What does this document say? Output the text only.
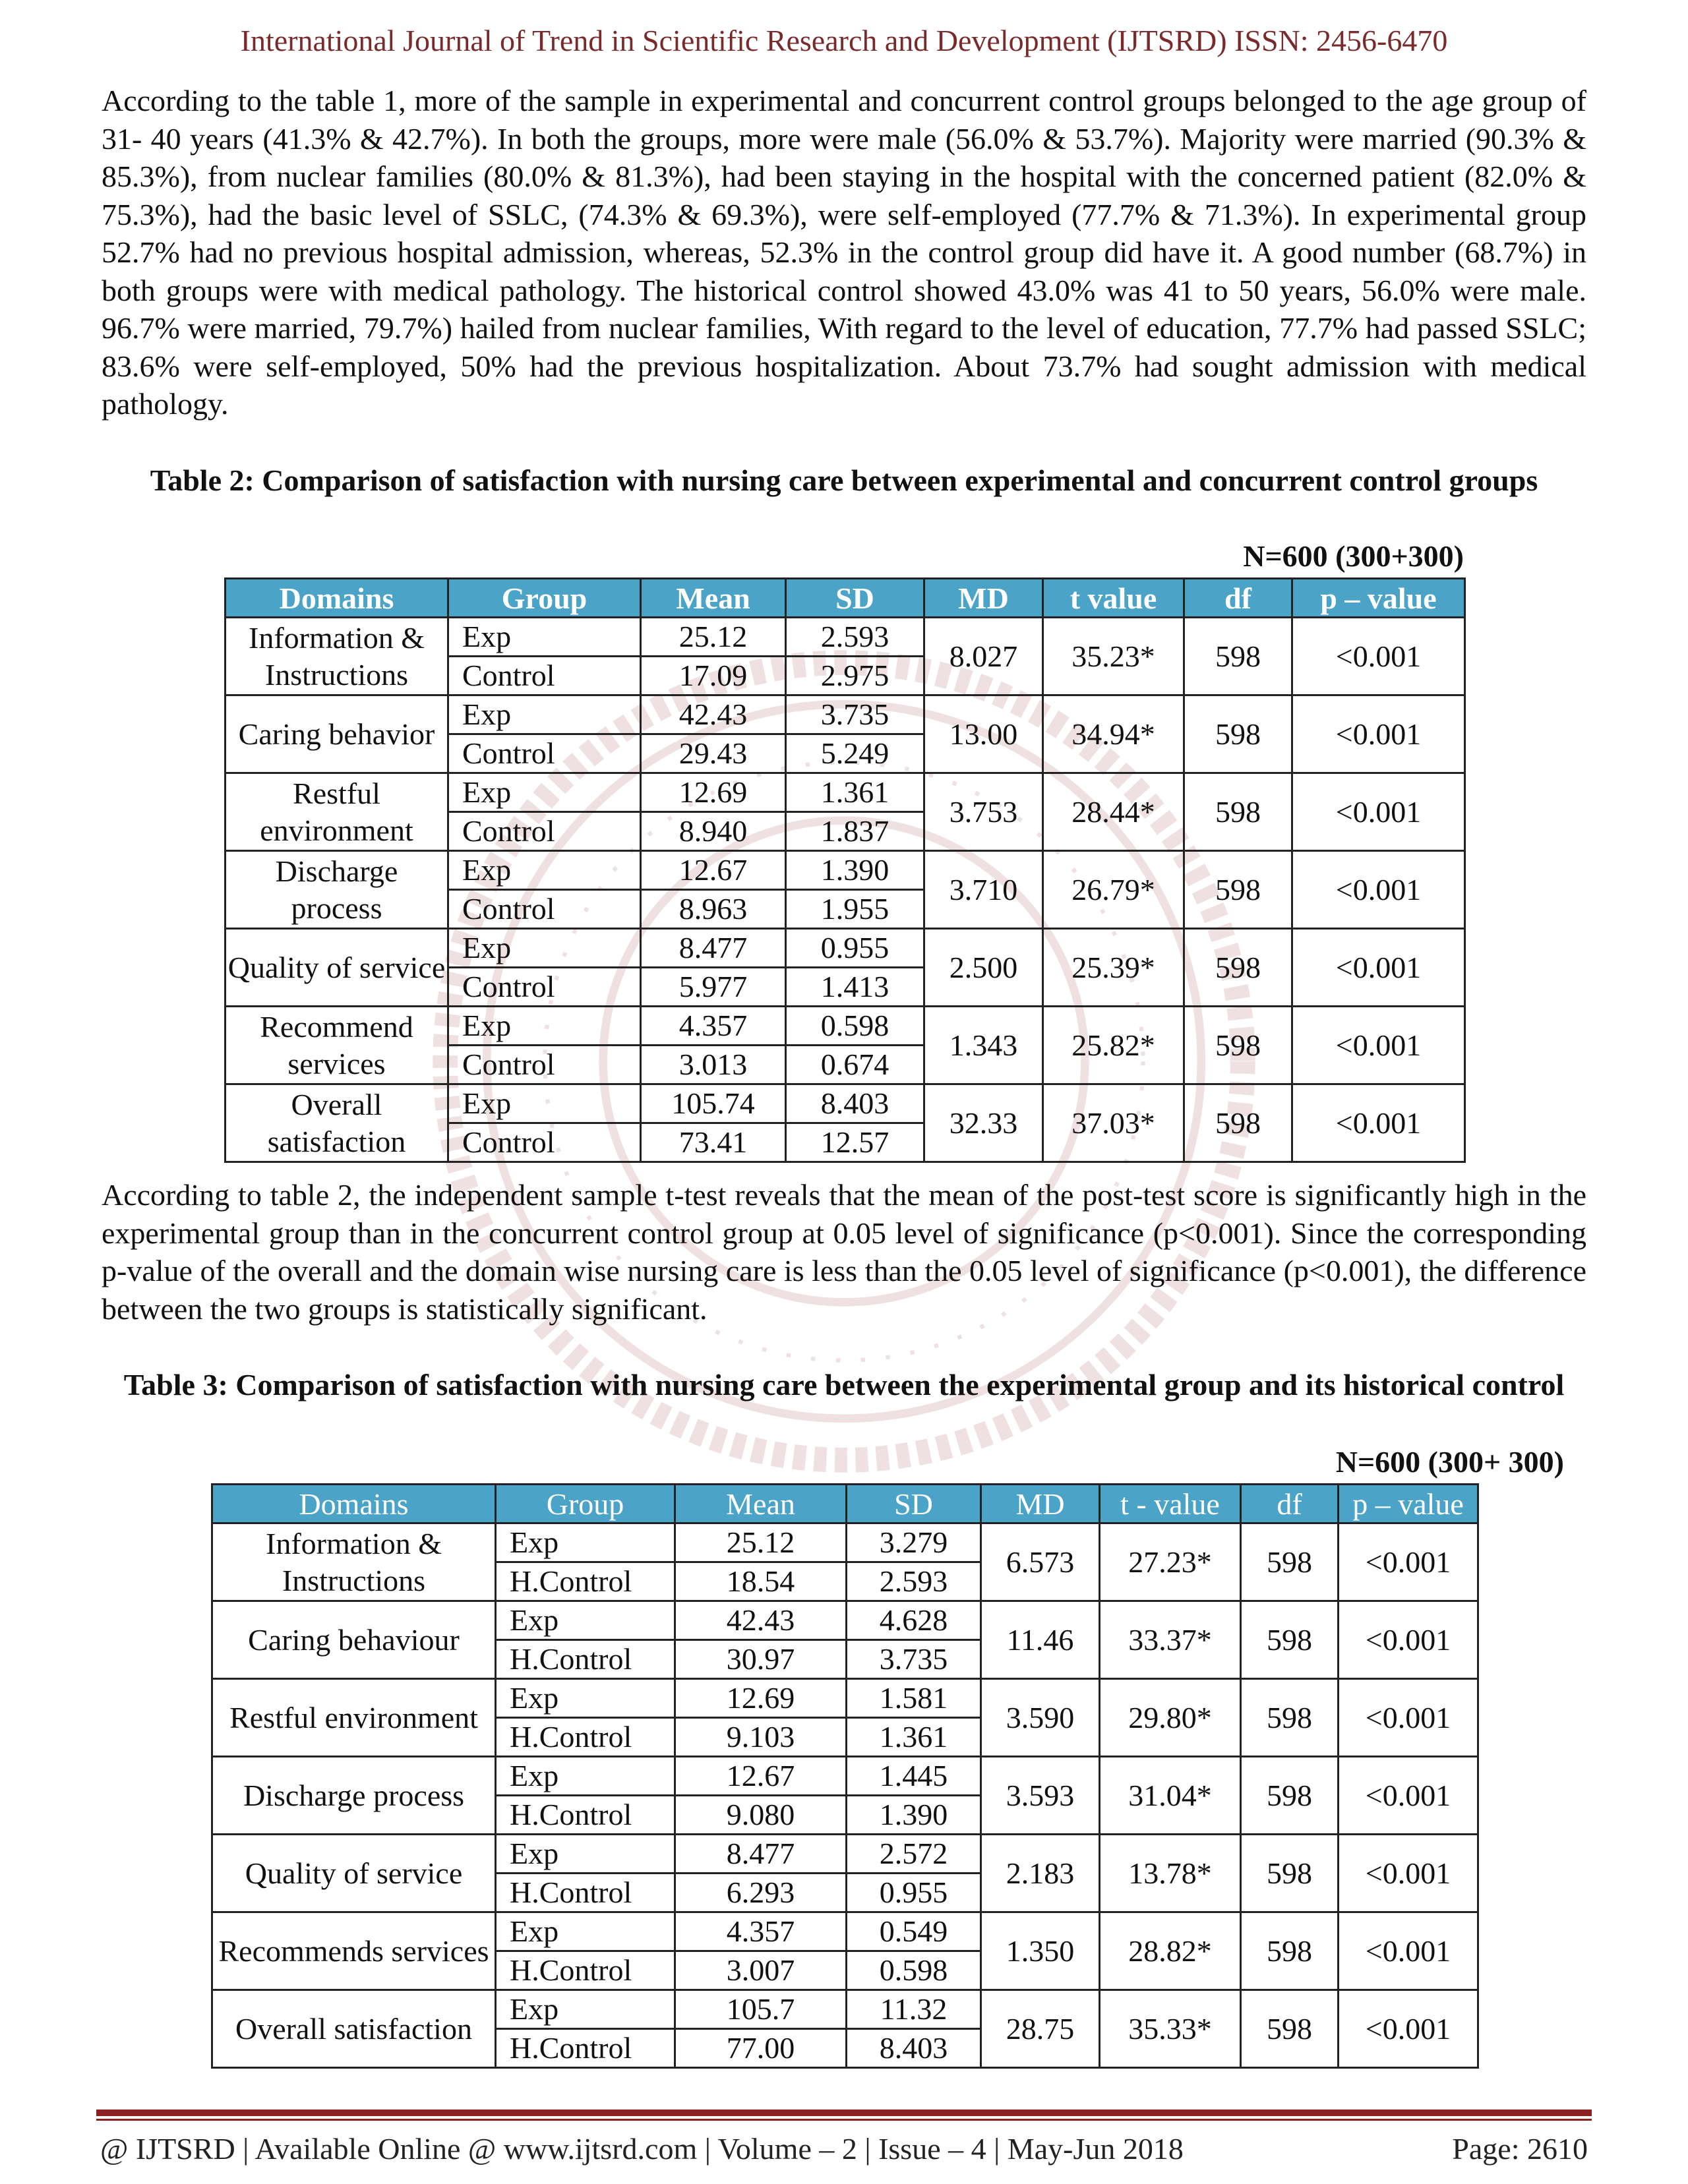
International Journal of Trend in Scientific Research and Development (IJTSRD) ISSN: 2456-6470

According to the table 1, more of the sample in experimental and concurrent control groups belonged to the age group of 31- 40 years (41.3% & 42.7%). In both the groups, more were male (56.0% & 53.7%). Majority were married (90.3% & 85.3%), from nuclear families (80.0% & 81.3%), had been staying in the hospital with the concerned patient (82.0% & 75.3%), had the basic level of SSLC, (74.3% & 69.3%), were self-employed (77.7% & 71.3%). In experimental group 52.7% had no previous hospital admission, whereas, 52.3% in the control group did have it. A good number (68.7%) in both groups were with medical pathology. The historical control showed 43.0% was 41 to 50 years, 56.0% were male. 96.7% were married, 79.7%) hailed from nuclear families, With regard to the level of education, 77.7% had passed SSLC; 83.6% were self-employed, 50% had the previous hospitalization. About 73.7% had sought admission with medical pathology.

Table 2: Comparison of satisfaction with nursing care between experimental and concurrent control groups

N=600 (300+300)
Domains	Group	Mean	SD	MD	t value	df	p – value
Information & Instructions	Exp	25.12	2.593	8.027	35.23*	598	<0.001
	Control	17.09	2.975				
Caring behavior	Exp	42.43	3.735	13.00	34.94*	598	<0.001
	Control	29.43	5.249				
Restful environment	Exp	12.69	1.361	3.753	28.44*	598	<0.001
	Control	8.940	1.837				
Discharge process	Exp	12.67	1.390	3.710	26.79*	598	<0.001
	Control	8.963	1.955				
Quality of service	Exp	8.477	0.955	2.500	25.39*	598	<0.001
	Control	5.977	1.413				
Recommend services	Exp	4.357	0.598	1.343	25.82*	598	<0.001
	Control	3.013	0.674				
Overall satisfaction	Exp	105.74	8.403	32.33	37.03*	598	<0.001
	Control	73.41	12.57				

According to table 2, the independent sample t-test reveals that the mean of the post-test score is significantly high in the experimental group than in the concurrent control group at 0.05 level of significance (p<0.001). Since the corresponding p-value of the overall and the domain wise nursing care is less than the 0.05 level of significance (p<0.001), the difference between the two groups is statistically significant.

Table 3: Comparison of satisfaction with nursing care between the experimental group and its historical control

N=600 (300+ 300)
Domains	Group	Mean	SD	MD	t - value	df	p – value
Information & Instructions	Exp	25.12	3.279	6.573	27.23*	598	<0.001
	H.Control	18.54	2.593				
Caring behaviour	Exp	42.43	4.628	11.46	33.37*	598	<0.001
	H.Control	30.97	3.735				
Restful environment	Exp	12.69	1.581	3.590	29.80*	598	<0.001
	H.Control	9.103	1.361				
Discharge process	Exp	12.67	1.445	3.593	31.04*	598	<0.001
	H.Control	9.080	1.390				
Quality of service	Exp	8.477	2.572	2.183	13.78*	598	<0.001
	H.Control	6.293	0.955				
Recommends services	Exp	4.357	0.549	1.350	28.82*	598	<0.001
	H.Control	3.007	0.598				
Overall satisfaction	Exp	105.7	11.32	28.75	35.33*	598	<0.001
	H.Control	77.00	8.403				
@ IJTSRD | Available Online @ www.ijtsrd.com | Volume – 2 | Issue – 4 | May-Jun 2018	Page: 2610
